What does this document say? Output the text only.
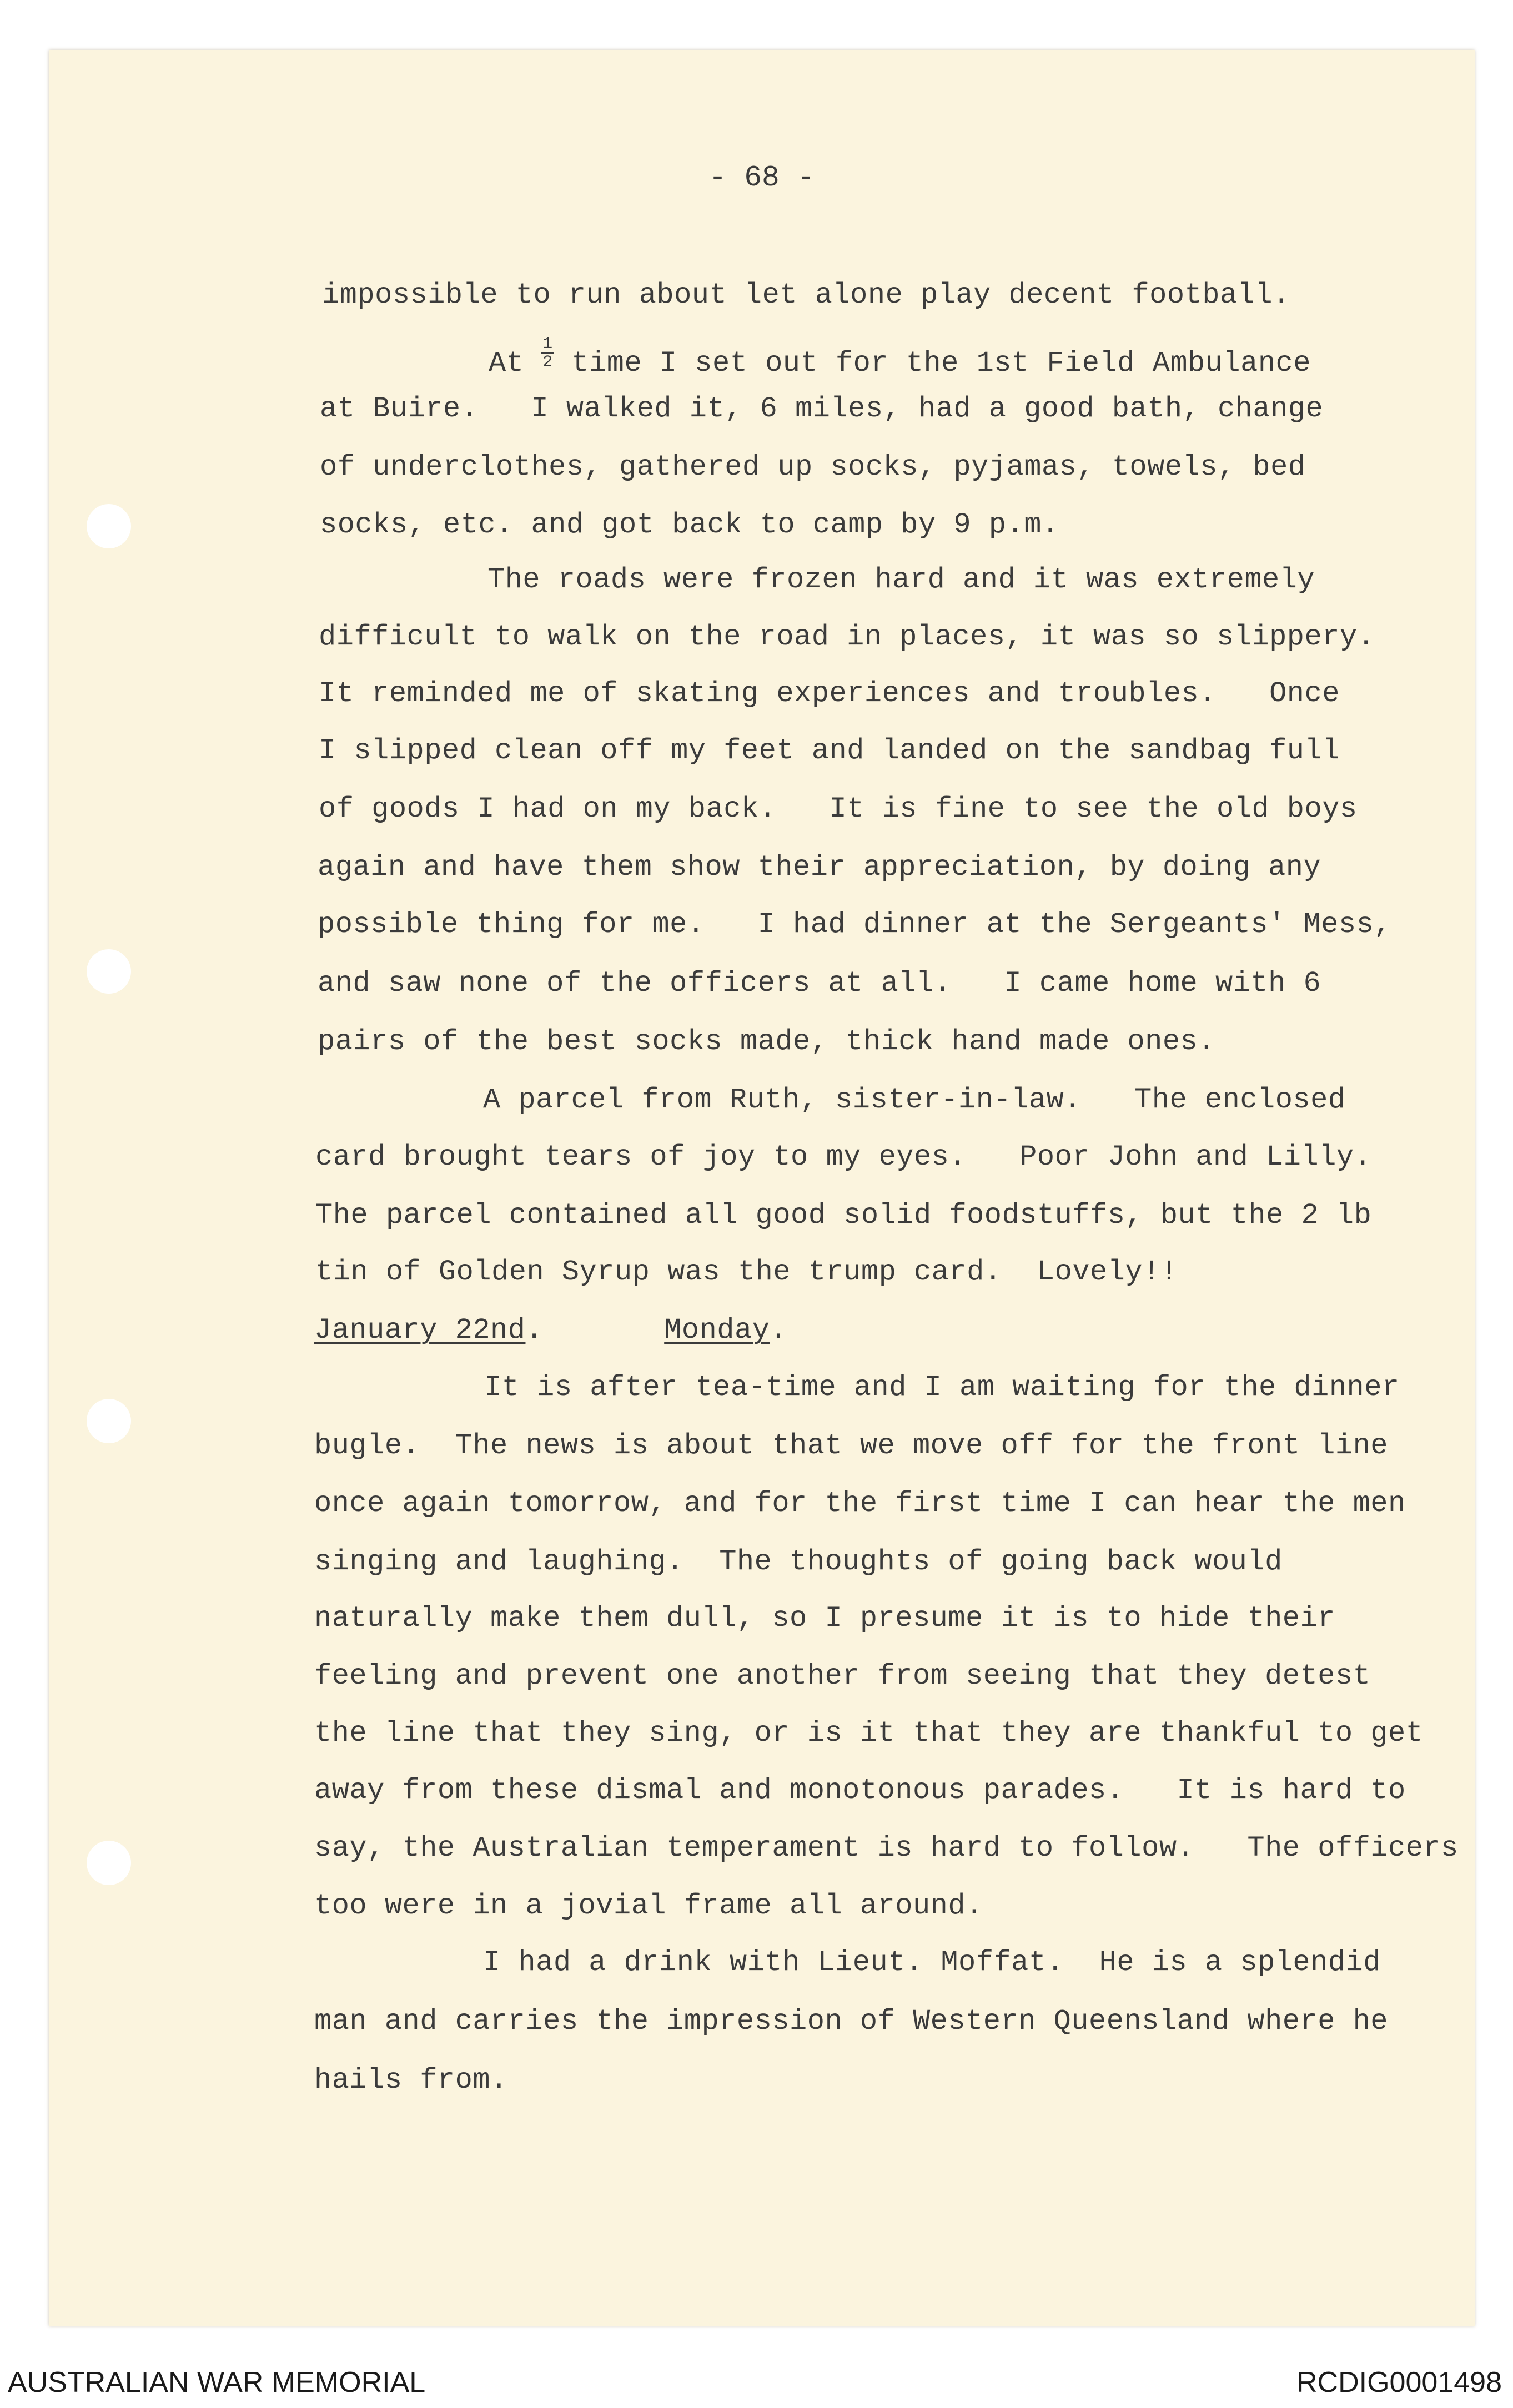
- 68 -
impossible to run about let alone play decent football.
At $\frac{1}{2}$ time I set out for the 1st Field Ambulance
at Buire.   I walked it, 6 miles, had a good bath, change
of underclothes, gathered up socks, pyjamas, towels, bed
socks, etc. and got back to camp by 9 p.m.
The roads were frozen hard and it was extremely
difficult to walk on the road in places, it was so slippery.
It reminded me of skating experiences and troubles.   Once
I slipped clean off my feet and landed on the sandbag full
of goods I had on my back.   It is fine to see the old boys
again and have them show their appreciation, by doing any
possible thing for me.   I had dinner at the Sergeants' Mess,
and saw none of the officers at all.   I came home with 6
pairs of the best socks made, thick hand made ones.
A parcel from Ruth, sister-in-law.   The enclosed
card brought tears of joy to my eyes.   Poor John and Lilly.
The parcel contained all good solid foodstuffs, but the 2 lb
tin of Golden Syrup was the trump card.  Lovely!!
January 22nd.	Monday.
It is after tea-time and I am waiting for the dinner
bugle.  The news is about that we move off for the front line
once again tomorrow, and for the first time I can hear the men
singing and laughing.  The thoughts of going back would
naturally make them dull, so I presume it is to hide their
feeling and prevent one another from seeing that they detest
the line that they sing, or is it that they are thankful to get
away from these dismal and monotonous parades.   It is hard to
say, the Australian temperament is hard to follow.   The officers
too were in a jovial frame all around.
I had a drink with Lieut. Moffat.  He is a splendid
man and carries the impression of Western Queensland where he
hails from.
AUSTRALIAN WAR MEMORIAL	RCDIG0001498
